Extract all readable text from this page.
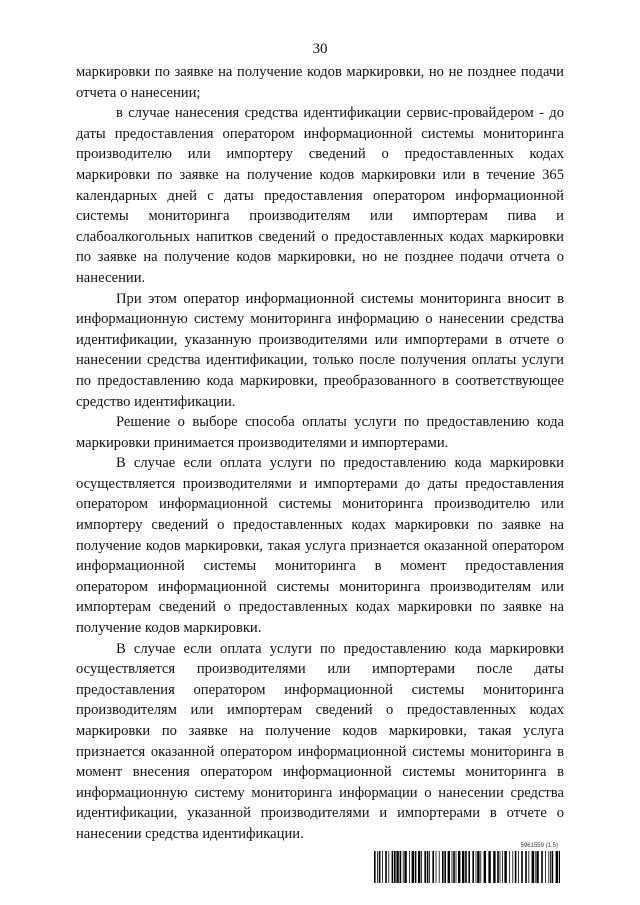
30

маркировки по заявке на получение кодов маркировки, но не позднее подачи отчета о нанесении;

в случае нанесения средства идентификации сервис-провайдером - до даты предоставления оператором информационной системы мониторинга производителю или импортеру сведений о предоставленных кодах маркировки по заявке на получение кодов маркировки или в течение 365 календарных дней с даты предоставления оператором информационной системы мониторинга производителям или импортерам пива и слабоалкогольных напитков сведений о предоставленных кодах маркировки по заявке на получение кодов маркировки, но не позднее подачи отчета о нанесении.

При этом оператор информационной системы мониторинга вносит в информационную систему мониторинга информацию о нанесении средства идентификации, указанную производителями или импортерами в отчете о нанесении средства идентификации, только после получения оплаты услуги по предоставлению кода маркировки, преобразованного в соответствующее средство идентификации.

Решение о выборе способа оплаты услуги по предоставлению кода маркировки принимается производителями и импортерами.

В случае если оплата услуги по предоставлению кода маркировки осуществляется производителями и импортерами до даты предоставления оператором информационной системы мониторинга производителю или импортеру сведений о предоставленных кодах маркировки по заявке на получение кодов маркировки, такая услуга признается оказанной оператором информационной системы мониторинга в момент предоставления оператором информационной системы мониторинга производителям или импортерам сведений о предоставленных кодах маркировки по заявке на получение кодов маркировки.

В случае если оплата услуги по предоставлению кода маркировки осуществляется производителями или импортерами после даты предоставления оператором информационной системы мониторинга производителям или импортерам сведений о предоставленных кодах маркировки по заявке на получение кодов маркировки, такая услуга признается оказанной оператором информационной системы мониторинга в момент внесения оператором информационной системы мониторинга в информационную систему мониторинга информации о нанесении средства идентификации, указанной производителями и импортерами в отчете о нанесении средства идентификации.

5961559 (1.5)
